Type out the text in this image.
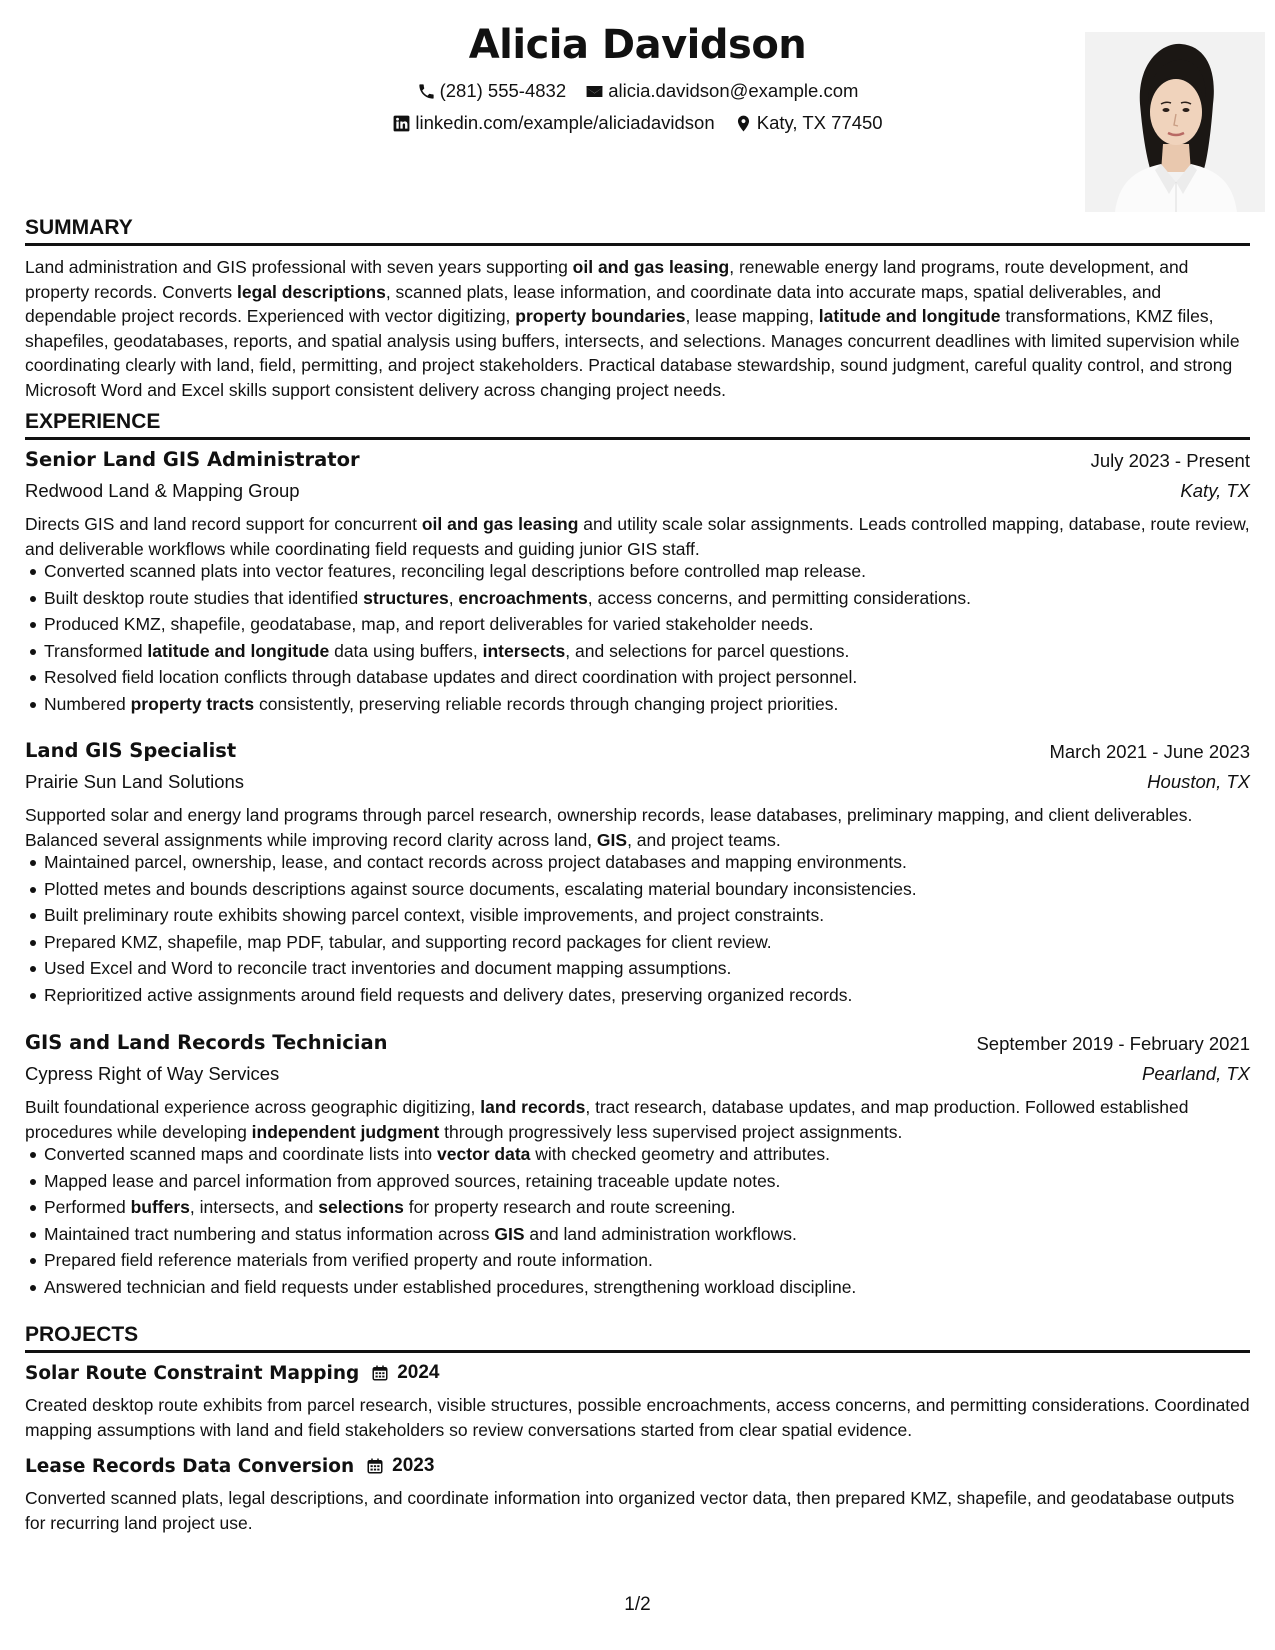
Alicia Davidson
(281) 555-4832
alicia.davidson@example.com
linkedin.com/example/aliciadavidson
Katy, TX 77450
SUMMARY
Land administration and GIS professional with seven years supporting oil and gas leasing, renewable energy land programs, route development, and property records. Converts legal descriptions, scanned plats, lease information, and coordinate data into accurate maps, spatial deliverables, and dependable project records. Experienced with vector digitizing, property boundaries, lease mapping, latitude and longitude transformations, KMZ files, shapefiles, geodatabases, reports, and spatial analysis using buffers, intersects, and selections. Manages concurrent deadlines with limited supervision while coordinating clearly with land, field, permitting, and project stakeholders. Practical database stewardship, sound judgment, careful quality control, and strong Microsoft Word and Excel skills support consistent delivery across changing project needs.
EXPERIENCE
Senior Land GIS Administrator	July 2023 - Present
Redwood Land & Mapping Group	Katy, TX
Directs GIS and land record support for concurrent oil and gas leasing and utility scale solar assignments. Leads controlled mapping, database, route review, and deliverable workflows while coordinating field requests and guiding junior GIS staff.
Converted scanned plats into vector features, reconciling legal descriptions before controlled map release.
Built desktop route studies that identified structures, encroachments, access concerns, and permitting considerations.
Produced KMZ, shapefile, geodatabase, map, and report deliverables for varied stakeholder needs.
Transformed latitude and longitude data using buffers, intersects, and selections for parcel questions.
Resolved field location conflicts through database updates and direct coordination with project personnel.
Numbered property tracts consistently, preserving reliable records through changing project priorities.
Land GIS Specialist	March 2021 - June 2023
Prairie Sun Land Solutions	Houston, TX
Supported solar and energy land programs through parcel research, ownership records, lease databases, preliminary mapping, and client deliverables. Balanced several assignments while improving record clarity across land, GIS, and project teams.
Maintained parcel, ownership, lease, and contact records across project databases and mapping environments.
Plotted metes and bounds descriptions against source documents, escalating material boundary inconsistencies.
Built preliminary route exhibits showing parcel context, visible improvements, and project constraints.
Prepared KMZ, shapefile, map PDF, tabular, and supporting record packages for client review.
Used Excel and Word to reconcile tract inventories and document mapping assumptions.
Reprioritized active assignments around field requests and delivery dates, preserving organized records.
GIS and Land Records Technician	September 2019 - February 2021
Cypress Right of Way Services	Pearland, TX
Built foundational experience across geographic digitizing, land records, tract research, database updates, and map production. Followed established procedures while developing independent judgment through progressively less supervised project assignments.
Converted scanned maps and coordinate lists into vector data with checked geometry and attributes.
Mapped lease and parcel information from approved sources, retaining traceable update notes.
Performed buffers, intersects, and selections for property research and route screening.
Maintained tract numbering and status information across GIS and land administration workflows.
Prepared field reference materials from verified property and route information.
Answered technician and field requests under established procedures, strengthening workload discipline.
PROJECTS
Solar Route Constraint Mapping 2024
Created desktop route exhibits from parcel research, visible structures, possible encroachments, access concerns, and permitting considerations. Coordinated mapping assumptions with land and field stakeholders so review conversations started from clear spatial evidence.
Lease Records Data Conversion 2023
Converted scanned plats, legal descriptions, and coordinate information into organized vector data, then prepared KMZ, shapefile, and geodatabase outputs for recurring land project use.
1/2
